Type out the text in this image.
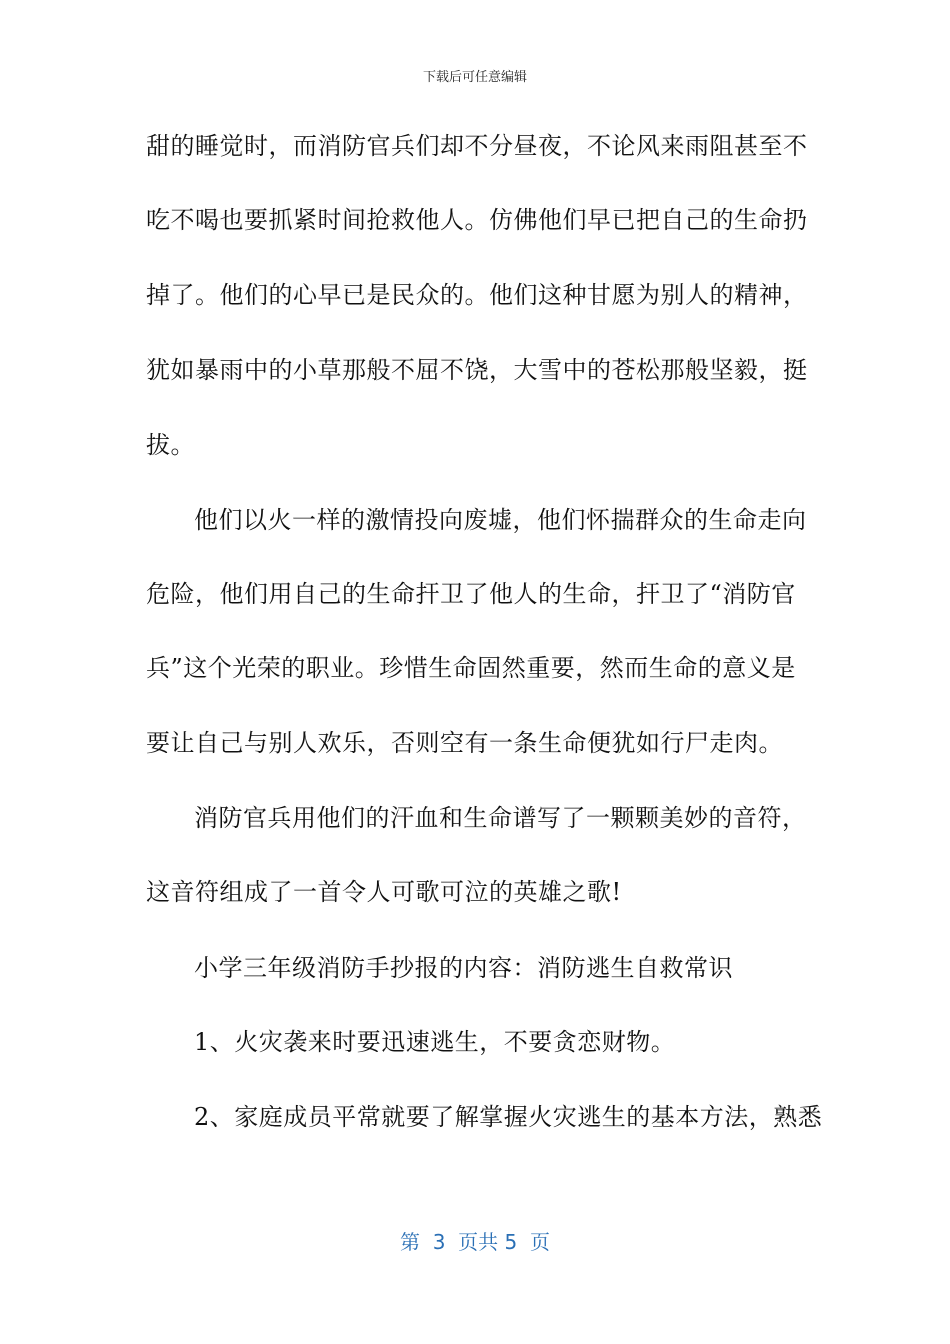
下载后可任意编辑
甜的睡觉时，而消防官兵们却不分昼夜，不论风来雨阻甚至不
吃不喝也要抓紧时间抢救他人。仿佛他们早已把自己的生命扔
掉了。他们的心早已是民众的。他们这种甘愿为别人的精神，
犹如暴雨中的小草那般不屈不饶，大雪中的苍松那般坚毅，挺
拔。
他们以火一样的激情投向废墟，他们怀揣群众的生命走向
危险，他们用自己的生命扞卫了他人的生命，扞卫了“消防官
兵”这个光荣的职业。珍惜生命固然重要，然而生命的意义是
要让自己与别人欢乐，否则空有一条生命便犹如行尸走肉。
消防官兵用他们的汗血和生命谱写了一颗颗美妙的音符，
这音符组成了一首令人可歌可泣的英雄之歌!
小学三年级消防手抄报的内容：消防逃生自救常识
1、火灾袭来时要迅速逃生，不要贪恋财物。
2、家庭成员平常就要了解掌握火灾逃生的基本方法，熟悉
第  3  页共 5  页
